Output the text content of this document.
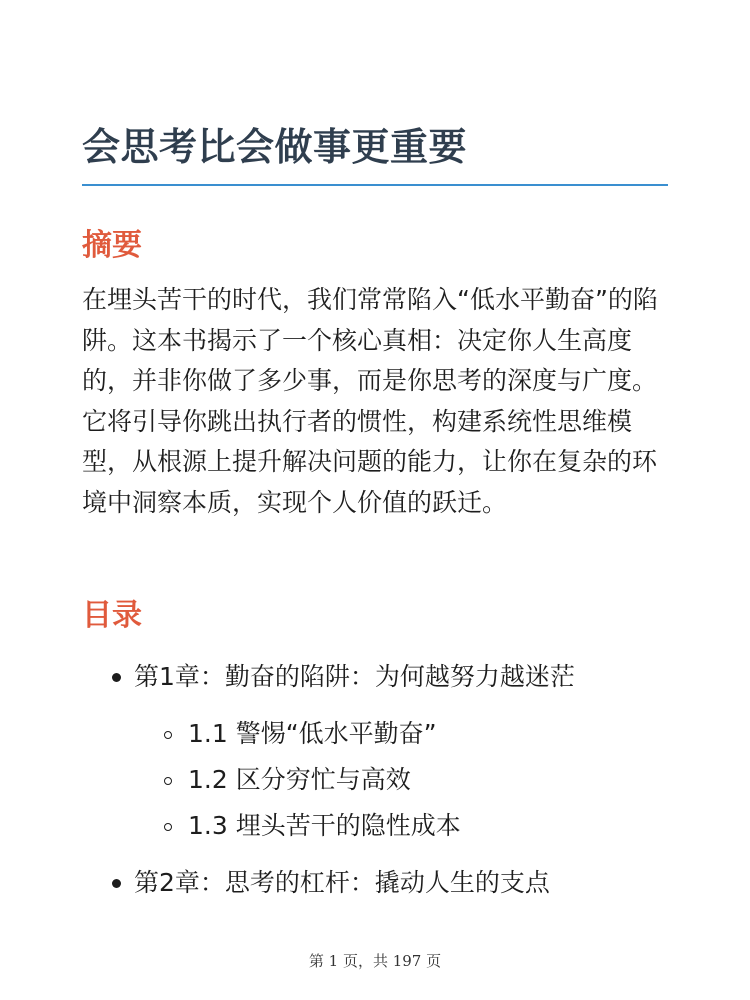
会思考比会做事更重要
摘要

在埋头苦干的时代，我们常常陷入“低水平勤奋”的陷阱。这本书揭示了一个核心真相：决定你人生高度的，并非你做了多少事，而是你思考的深度与广度。它将引导你跳出执行者的惯性，构建系统性思维模型，从根源上提升解决问题的能力，让你在复杂的环境中洞察本质，实现个人价值的跃迁。

目录
第1章：勤奋的陷阱：为何越努力越迷茫
1.1 警惕“低水平勤奋”
1.2 区分穷忙与高效
1.3 埋头苦干的隐性成本
第2章：思考的杠杆：撬动人生的支点
第 1 页，共 197 页
